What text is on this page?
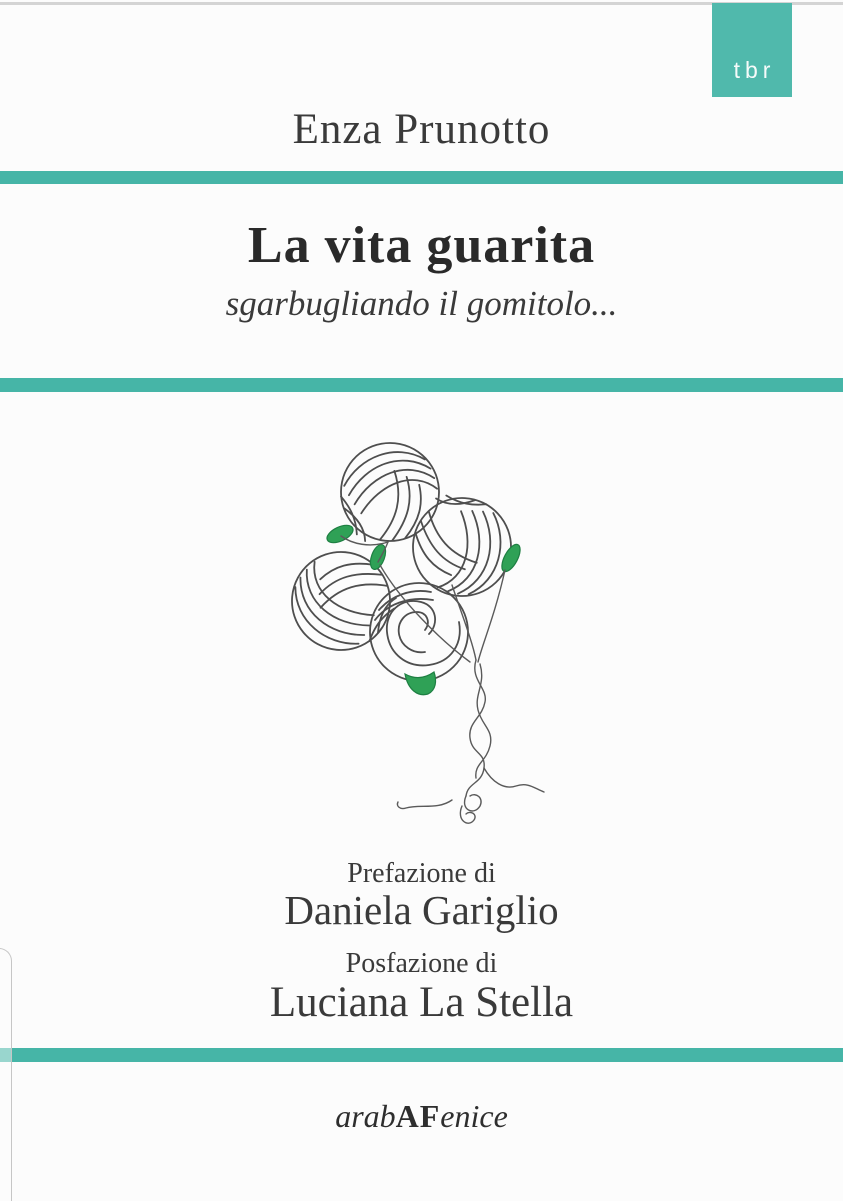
tbr
Enza Prunotto
La vita guarita
sgarbugliando il gomitolo...
Prefazione di
Daniela Gariglio
Posfazione di
Luciana La Stella
arabAFenice
